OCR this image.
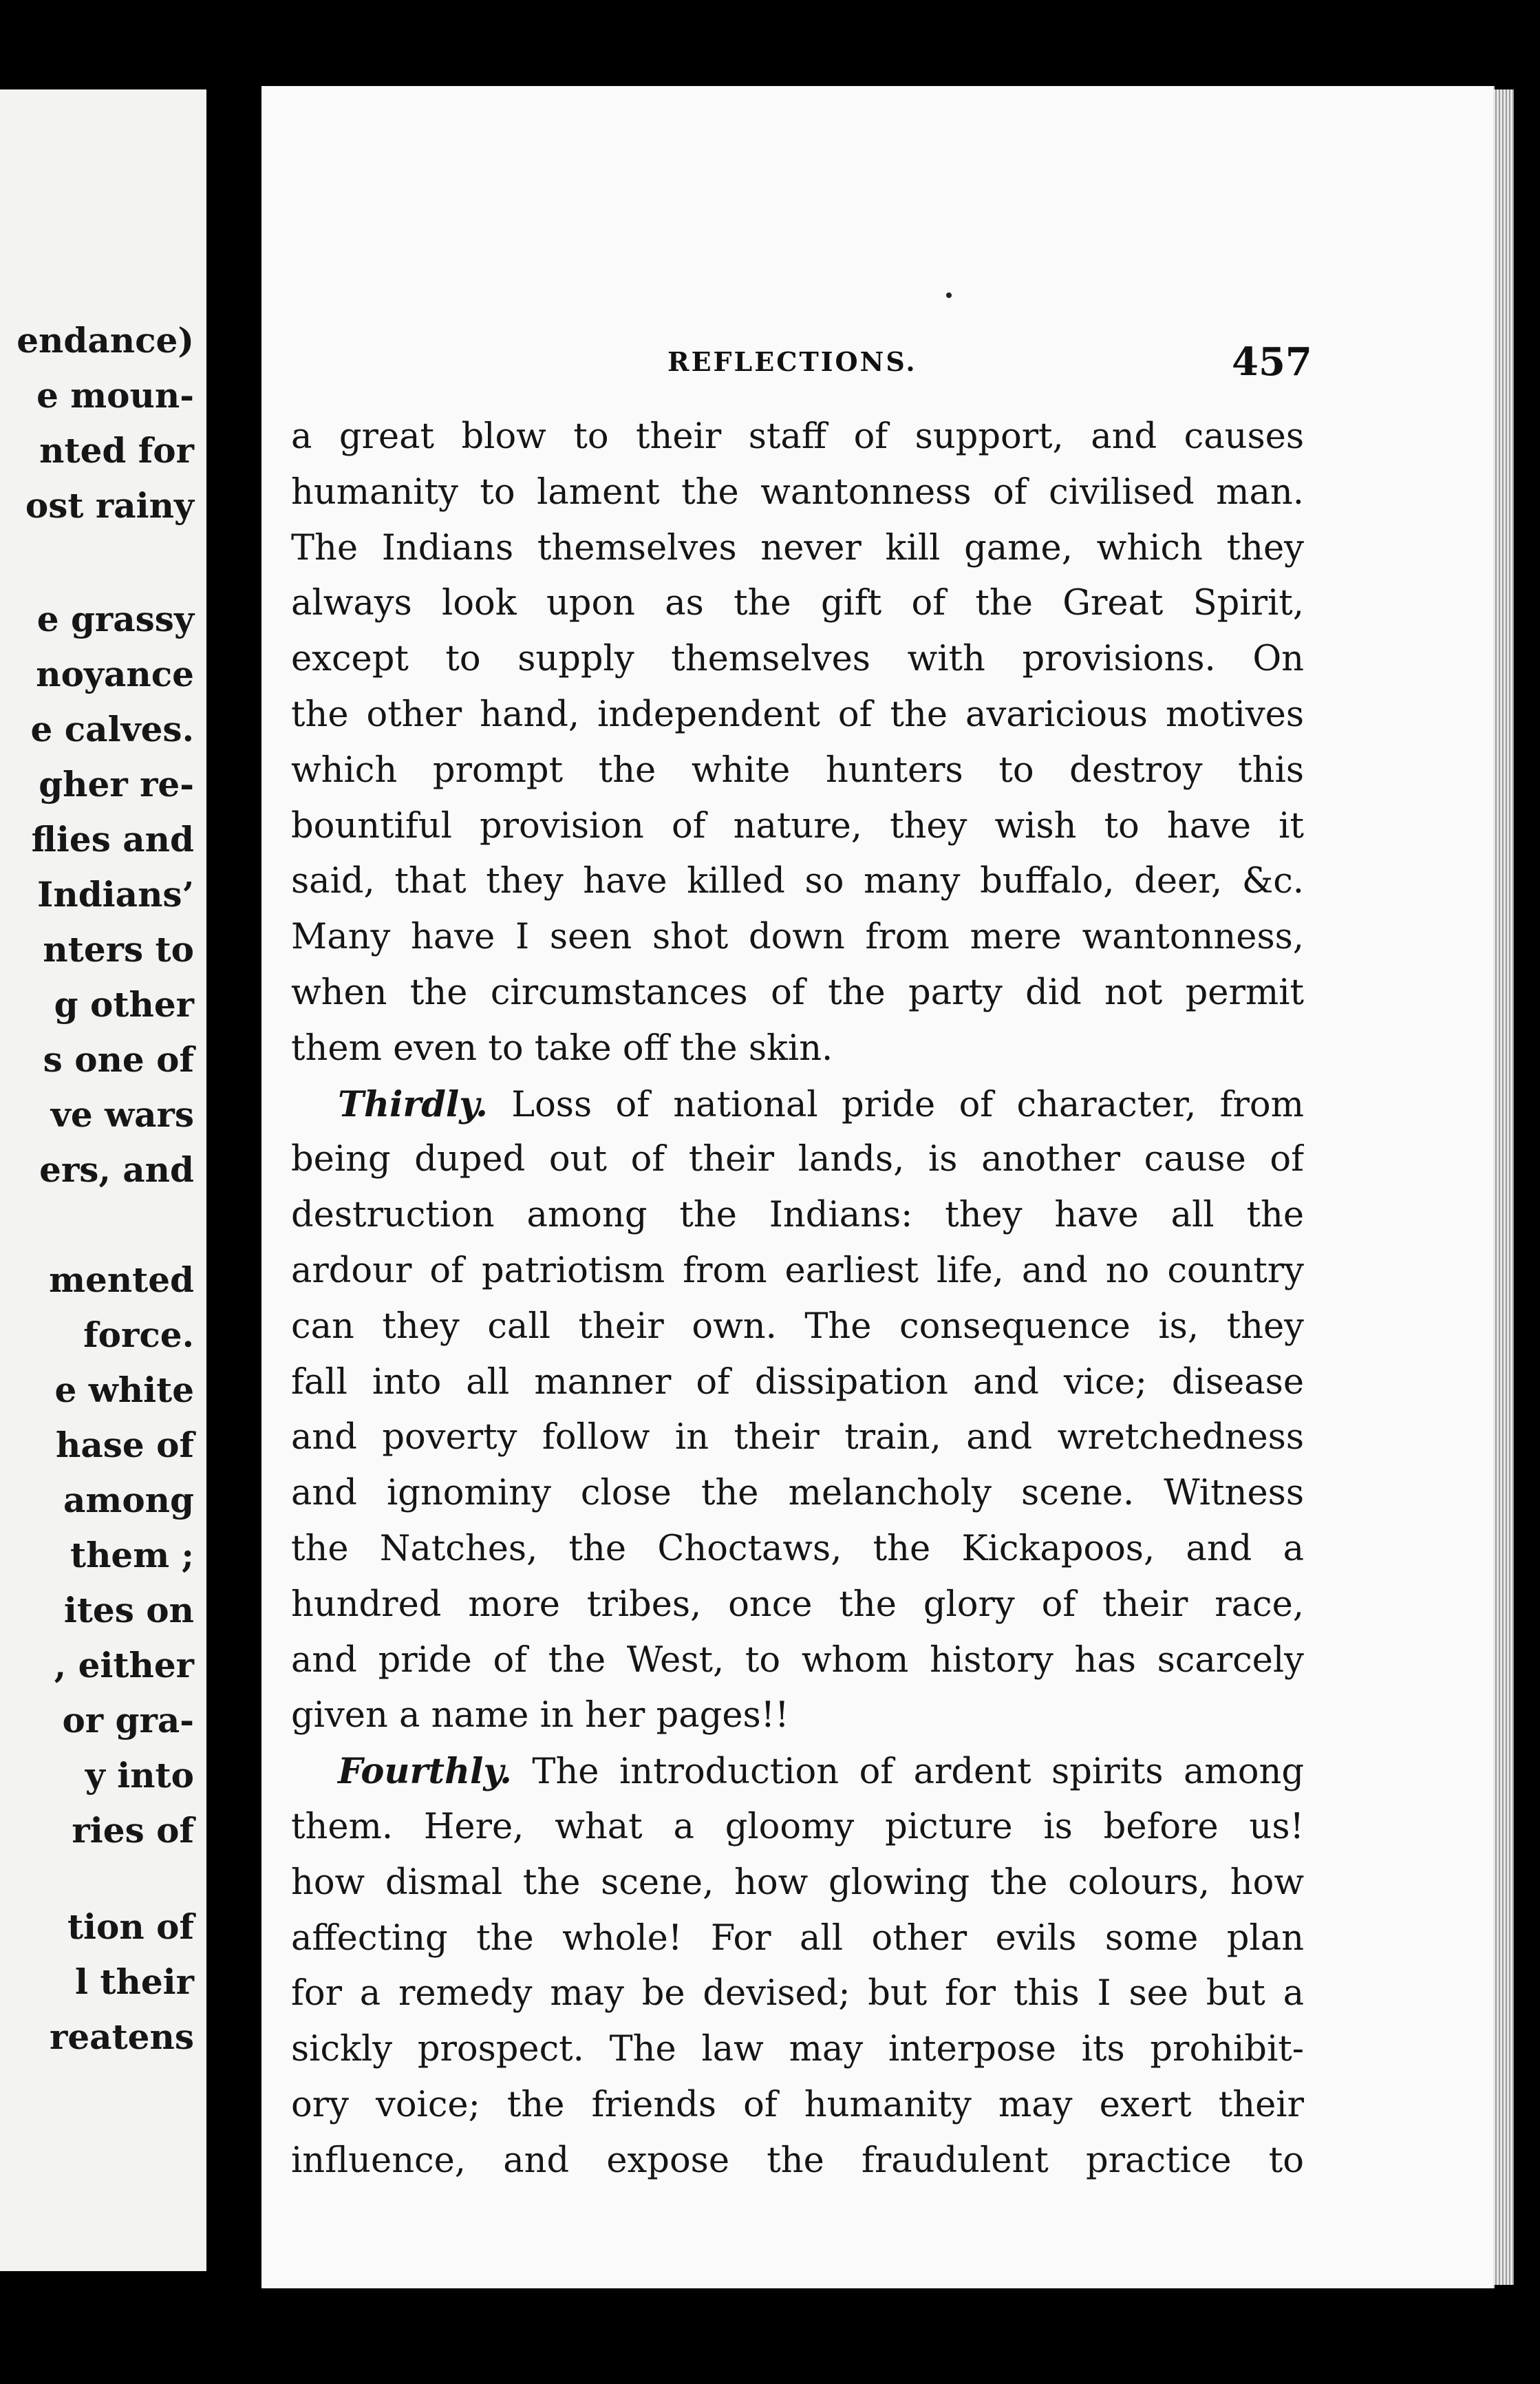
endance)
e moun-
nted for
ost rainy
e grassy
noyance
e calves.
gher re-
flies and
Indians’
nters to
g other
s one of
ve wars
ers, and
mented
force.
e white
hase of
among
them ;
ites on
, either
or gra-
y into
ries of
tion of
l their
reatens
REFLECTIONS.	457
a great blow to their staff of support, and causes
humanity to lament the wantonness of civilised man.
The Indians themselves never kill game, which they
always look upon as the gift of the Great Spirit,
except to supply themselves with provisions. On
the other hand, independent of the avaricious motives
which prompt the white hunters to destroy this
bountiful provision of nature, they wish to have it
said, that they have killed so many buffalo, deer, &c.
Many have I seen shot down from mere wantonness,
when the circumstances of the party did not permit
them even to take off the skin.
Thirdly. Loss of national pride of character, from
being duped out of their lands, is another cause of
destruction among the Indians: they have all the
ardour of patriotism from earliest life, and no country
can they call their own. The consequence is, they
fall into all manner of dissipation and vice; disease
and poverty follow in their train, and wretchedness
and ignominy close the melancholy scene. Witness
the Natches, the Choctaws, the Kickapoos, and a
hundred more tribes, once the glory of their race,
and pride of the West, to whom history has scarcely
given a name in her pages!!
Fourthly. The introduction of ardent spirits among
them. Here, what a gloomy picture is before us!
how dismal the scene, how glowing the colours, how
affecting the whole! For all other evils some plan
for a remedy may be devised; but for this I see but a
sickly prospect. The law may interpose its prohibit-
ory voice; the friends of humanity may exert their
influence, and expose the fraudulent practice to
